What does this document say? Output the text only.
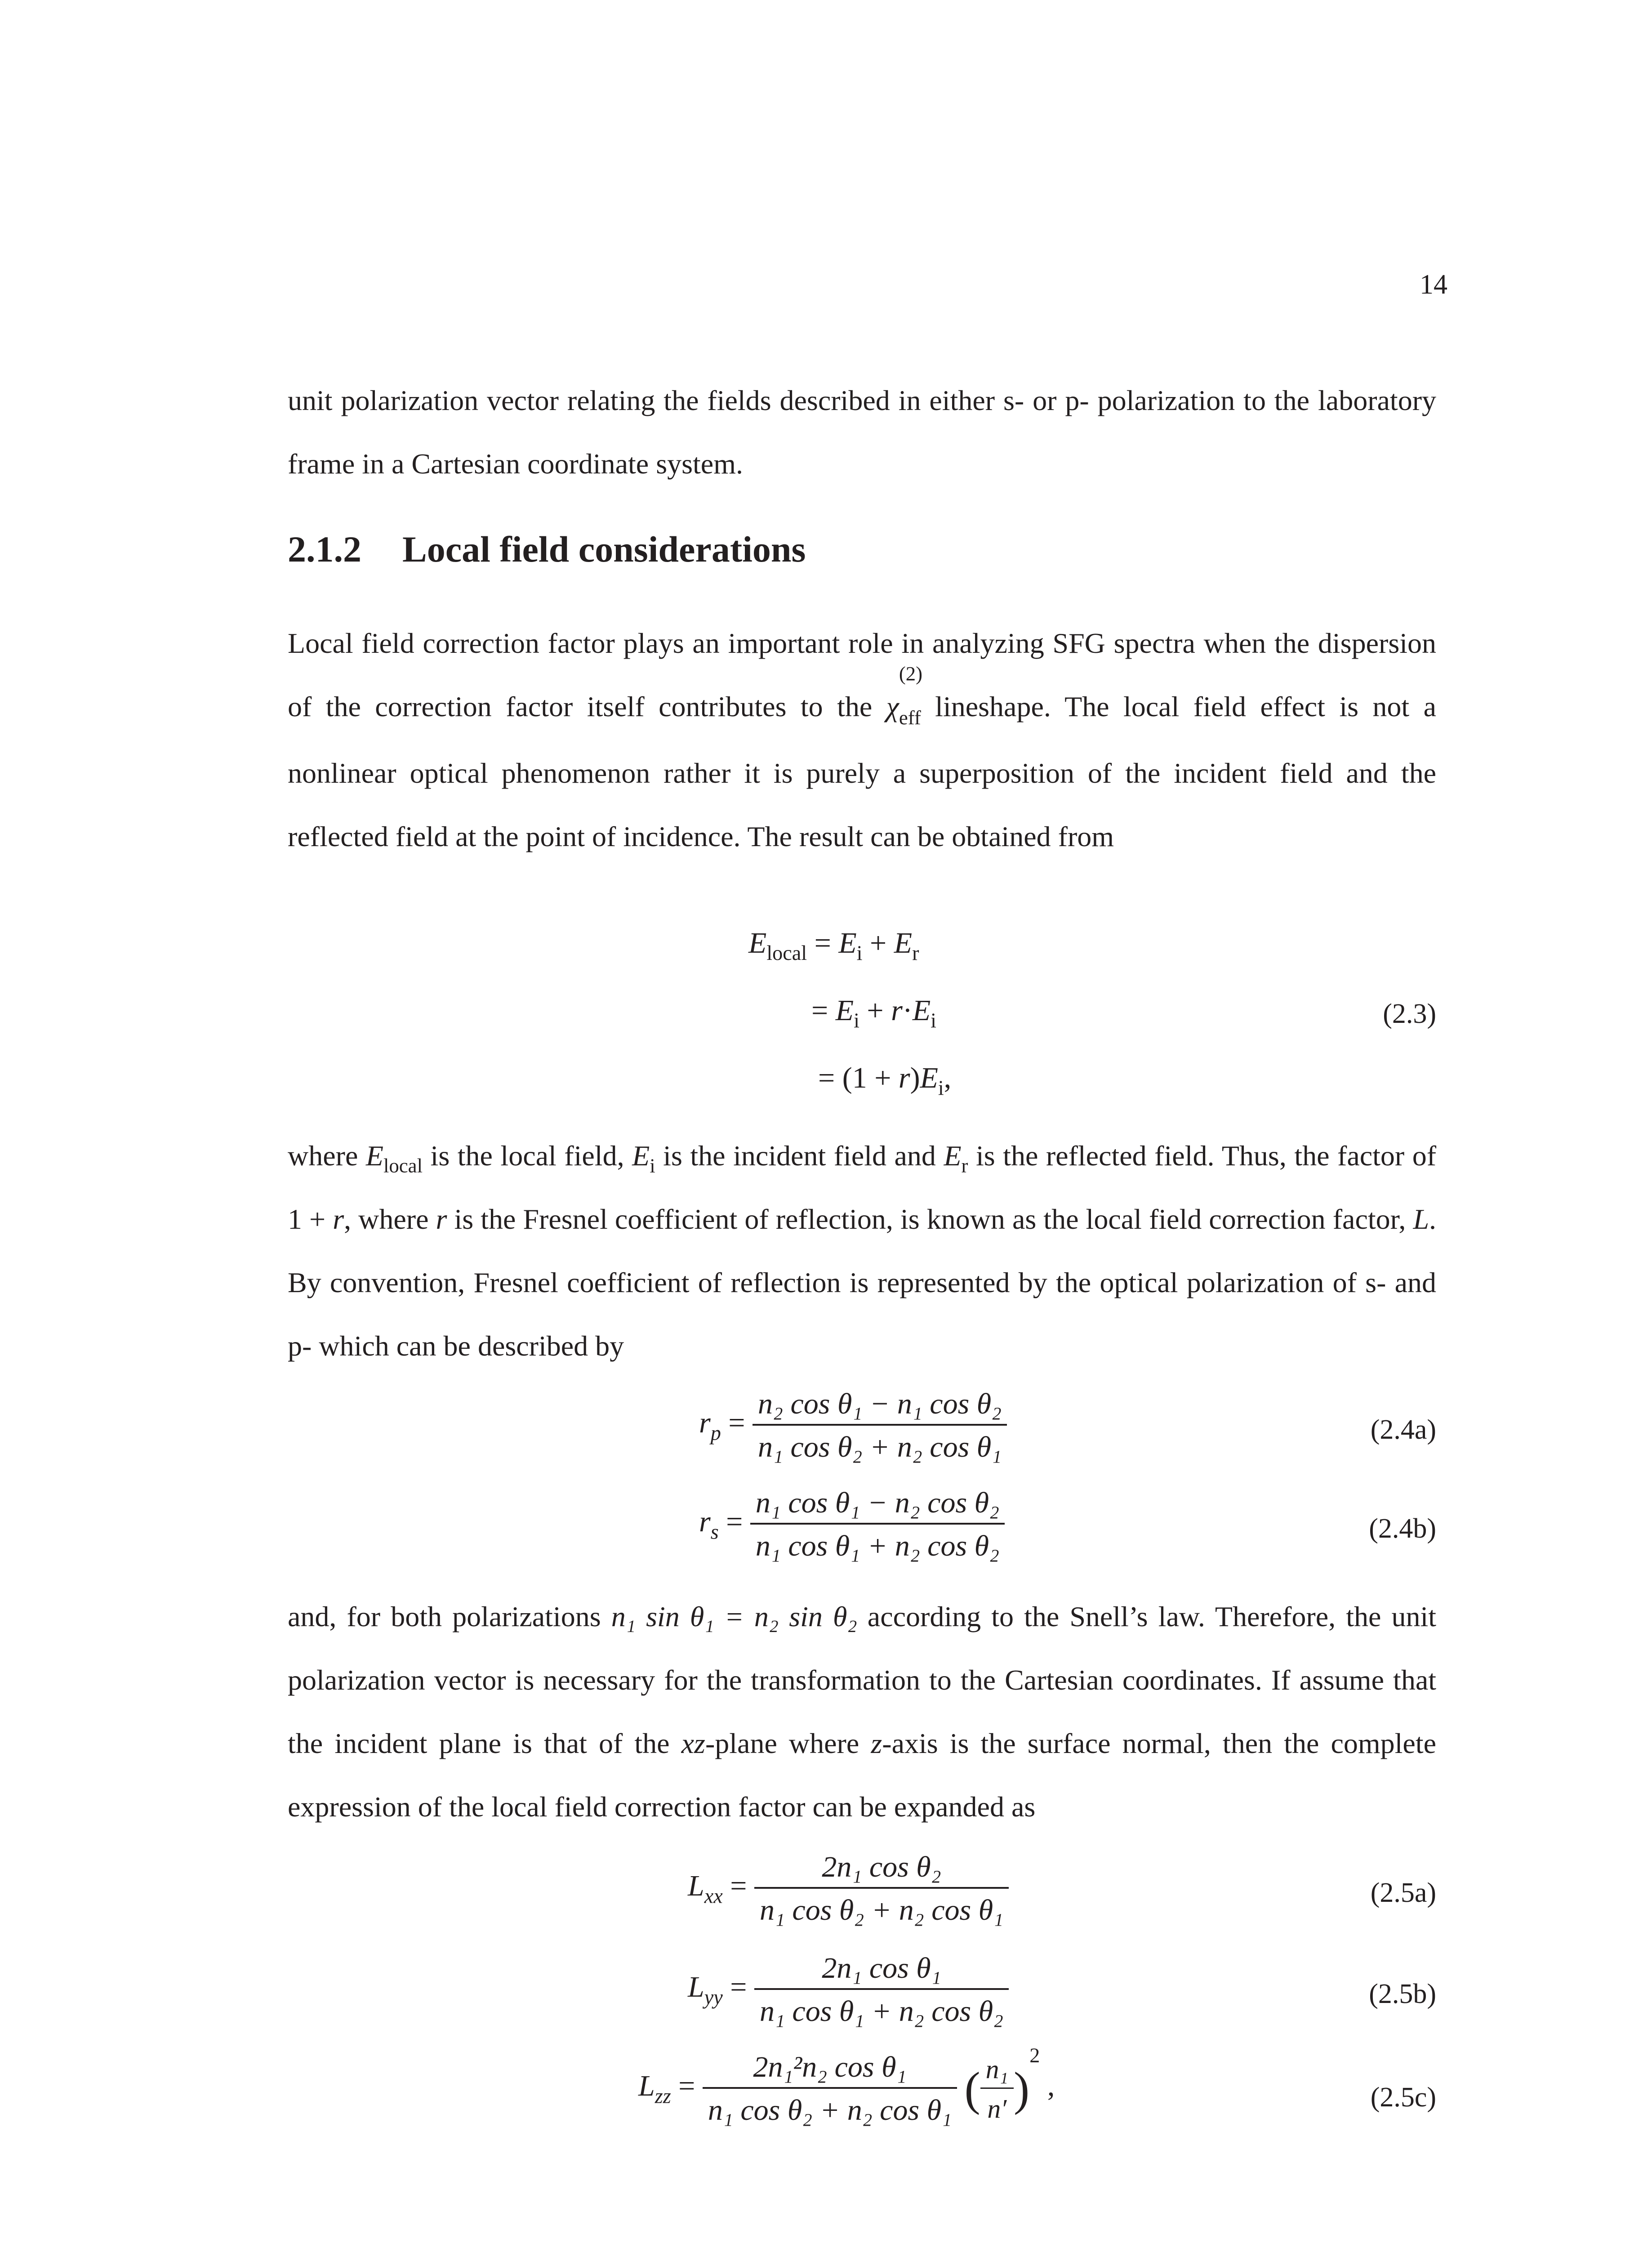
14

unit polarization vector relating the fields described in either s- or p- polarization to the laboratory frame in a Cartesian coordinate system.

2.1.2 Local field considerations

Local field correction factor plays an important role in analyzing SFG spectra when the dispersion of the correction factor itself contributes to the χ
(2)
$_{eff}$ lineshape. The local field effect is not a nonlinear optical phenomenon rather it is purely a superposition of the incident field and the reflected field at the point of incidence. The result can be obtained from

$E_{local} = E_i + E_r$
= $E_i + r\cdot E_i$	(2.3)
= $(1 + r)E_i$,

where $E_{local}$ is the local field, $E_i$ is the incident field and $E_r$ is the reflected field. Thus, the factor of 1 + r, where r is the Fresnel coefficient of reflection, is known as the local field correction factor, L. By convention, Fresnel coefficient of reflection is represented by the optical polarization of s- and p- which can be described by

$r_p = \frac{\text{n₂ cos θ₁ − n₁ cos θ₂}}{\text{n₁ cos θ₂ + n₂ cos θ₁}}$	(2.4a)
$r_s = \frac{\text{n₁ cos θ₁ − n₂ cos θ₂}}{\text{n₁ cos θ₁ + n₂ cos θ₂}}$	(2.4b)

and, for both polarizations n₁ sin θ₁ = n₂ sin θ₂ according to the Snell’s law. Therefore, the unit polarization vector is necessary for the transformation to the Cartesian coordinates. If assume that the incident plane is that of the xz-plane where z-axis is the surface normal, then the complete expression of the local field correction factor can be expanded as

$L_{xx} = \frac{\text{2n₁ cos θ₂}}{\text{n₁ cos θ₂ + n₂ cos θ₁}}$	(2.5a)
$L_{yy} = \frac{\text{2n₁ cos θ₁}}{\text{n₁ cos θ₁ + n₂ cos θ₂}}$	(2.5b)
$L_{zz} = \frac{\text{2n₁²n₂ cos θ₁}}{\text{n₁ cos θ₂ + n₂ cos θ₁}}$ ( $\frac{\text{n₁}}{n'} )^2$ ,	(2.5c)
